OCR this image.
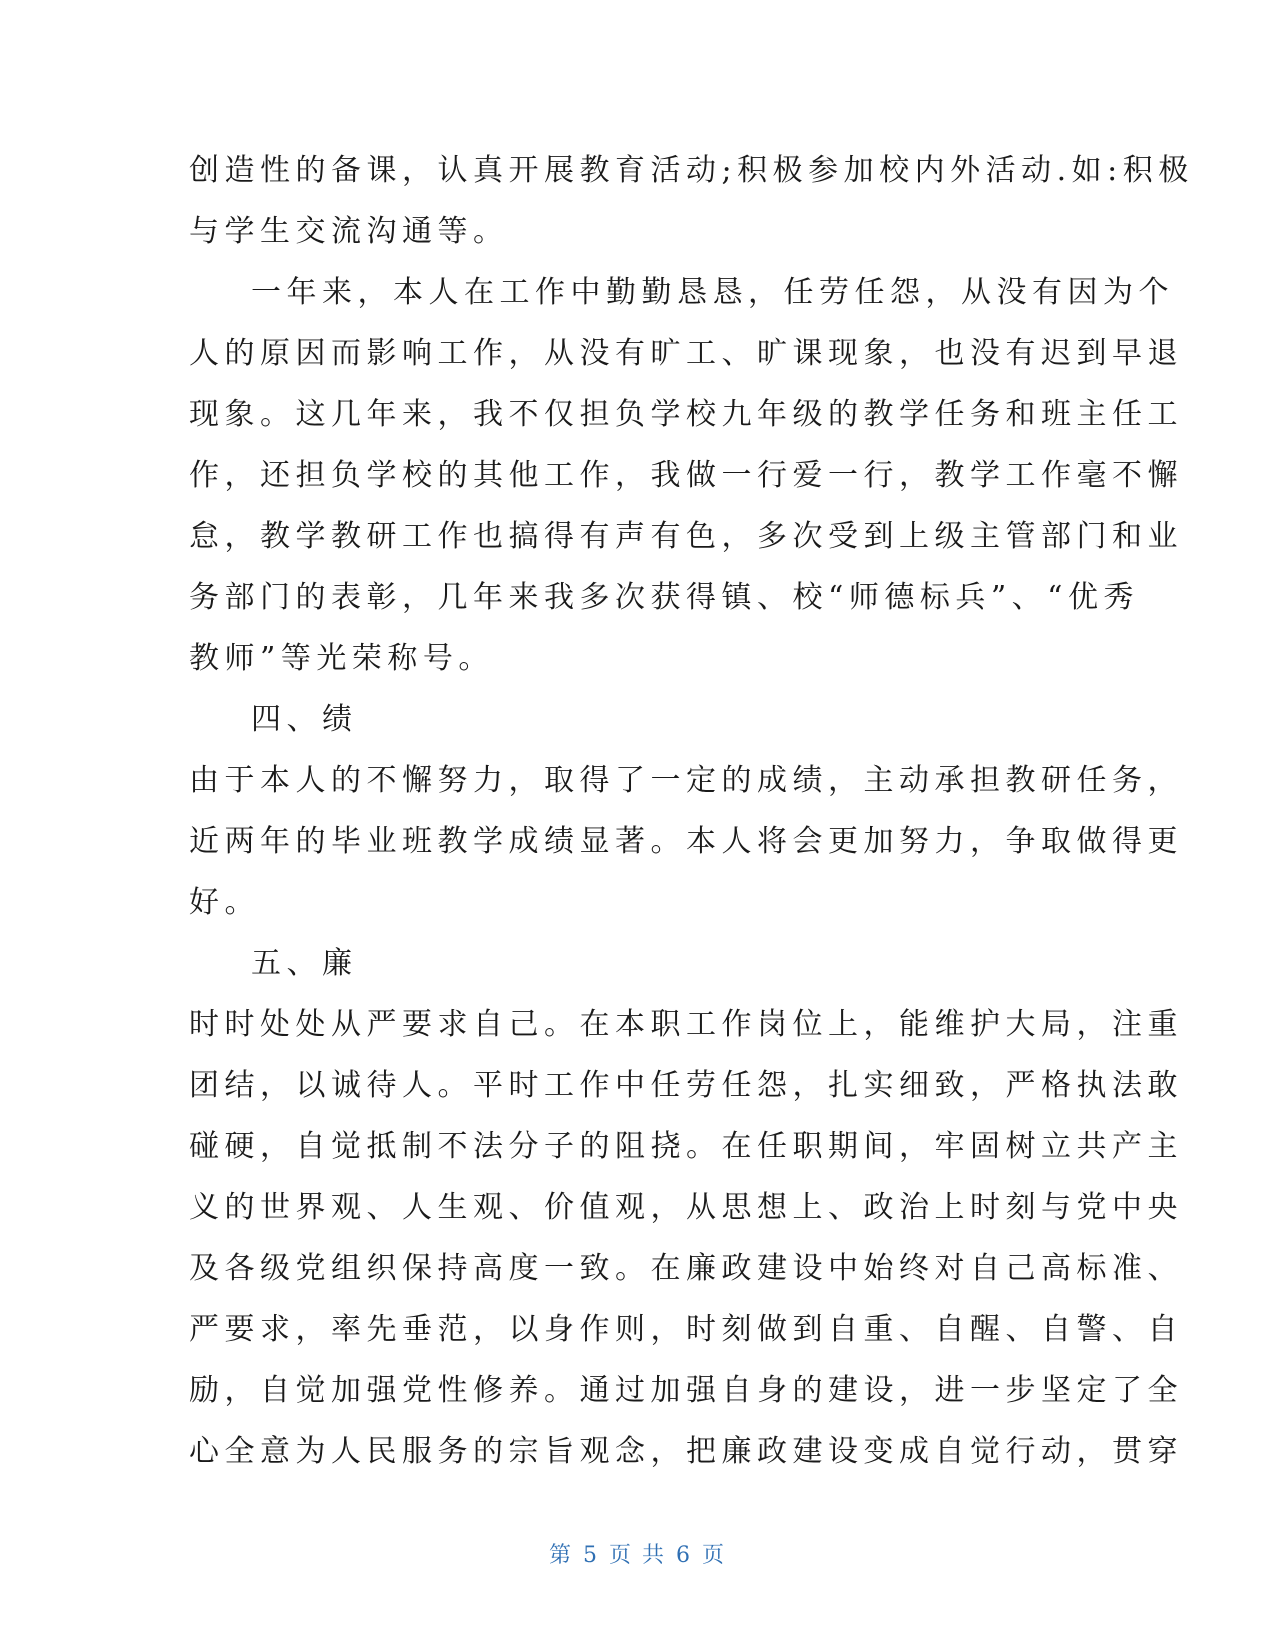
创造性的备课，认真开展教育活动;积极参加校内外活动.如:积极
与学生交流沟通等。
一年来，本人在工作中勤勤恳恳，任劳任怨，从没有因为个
人的原因而影响工作，从没有旷工、旷课现象，也没有迟到早退
现象。这几年来，我不仅担负学校九年级的教学任务和班主任工
作，还担负学校的其他工作，我做一行爱一行，教学工作毫不懈
怠，教学教研工作也搞得有声有色，多次受到上级主管部门和业
务部门的表彰，几年来我多次获得镇、校“师德标兵”、“优秀
教师”等光荣称号。
四、绩
由于本人的不懈努力，取得了一定的成绩，主动承担教研任务，
近两年的毕业班教学成绩显著。本人将会更加努力，争取做得更
好。
五、廉
时时处处从严要求自己。在本职工作岗位上，能维护大局，注重
团结，以诚待人。平时工作中任劳任怨，扎实细致，严格执法敢
碰硬，自觉抵制不法分子的阻挠。在任职期间，牢固树立共产主
义的世界观、人生观、价值观，从思想上、政治上时刻与党中央
及各级党组织保持高度一致。在廉政建设中始终对自己高标准、
严要求，率先垂范，以身作则，时刻做到自重、自醒、自警、自
励，自觉加强党性修养。通过加强自身的建设，进一步坚定了全
心全意为人民服务的宗旨观念，把廉政建设变成自觉行动，贯穿
第 5 页 共 6 页
